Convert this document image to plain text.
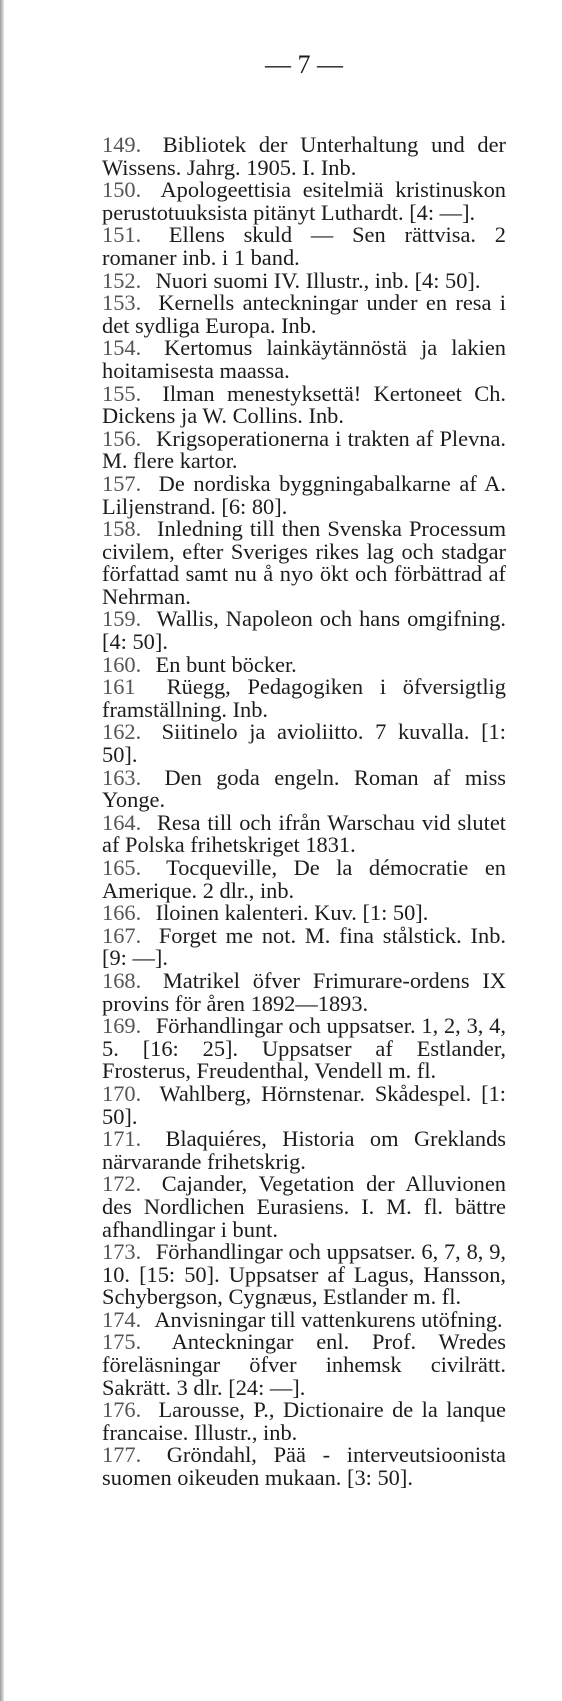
— 7 —

149. Bibliotek der Unterhaltung und der Wissens. Jahrg. 1905. I. Inb.

150. Apologeettisia esitelmiä kristinuskon perustotuuksista pitänyt Luthardt. [4: —].

151. Ellens skuld — Sen rättvisa. 2 romaner inb. i 1 band.

152. Nuori suomi IV. Illustr., inb. [4: 50].

153. Kernells anteckningar under en resa i det sydliga Europa. Inb.

154. Kertomus lainkäytännöstä ja lakien hoitamisesta maassa.

155. Ilman menestyksettä! Kertoneet Ch. Dickens ja W. Collins. Inb.

156. Krigsoperationerna i trakten af Plevna. M. flere kartor.

157. De nordiska byggningabalkarne af A. Liljenstrand. [6: 80].

158. Inledning till then Svenska Processum civilem, efter Sveriges rikes lag och stadgar författad samt nu å nyo ökt och förbättrad af Nehrman.

159. Wallis, Napoleon och hans omgifning. [4: 50].

160. En bunt böcker.

161 Rüegg, Pedagogiken i öfversigtlig framställning. Inb.

162. Siitinelo ja avioliitto. 7 kuvalla. [1: 50].

163. Den goda engeln. Roman af miss Yonge.

164. Resa till och ifrån Warschau vid slutet af Polska frihetskriget 1831.

165. Tocqueville, De la démocratie en Amerique. 2 dlr., inb.

166. Iloinen kalenteri. Kuv. [1: 50].

167. Forget me not. M. fina stålstick. Inb. [9: —].

168. Matrikel öfver Frimurare-ordens IX provins för åren 1892—1893.

169. Förhandlingar och uppsatser. 1, 2, 3, 4, 5. [16: 25]. Uppsatser af Estlander, Frosterus, Freudenthal, Vendell m. fl.

170. Wahlberg, Hörnstenar. Skådespel. [1: 50].

171. Blaquiéres, Historia om Greklands närvarande frihetskrig.

172. Cajander, Vegetation der Alluvionen des Nordlichen Eurasiens. I. M. fl. bättre afhandlingar i bunt.

173. Förhandlingar och uppsatser. 6, 7, 8, 9, 10. [15: 50]. Uppsatser af Lagus, Hansson, Schybergson, Cygnæus, Estlander m. fl.

174. Anvisningar till vattenkurens utöfning.

175. Anteckningar enl. Prof. Wredes föreläsningar öfver inhemsk civilrätt. Sakrätt. 3 dlr. [24: —].

176. Larousse, P., Dictionaire de la lanque francaise. Illustr., inb.

177. Gröndahl, Pää - interveutsioonista suomen oikeuden mukaan. [3: 50].
